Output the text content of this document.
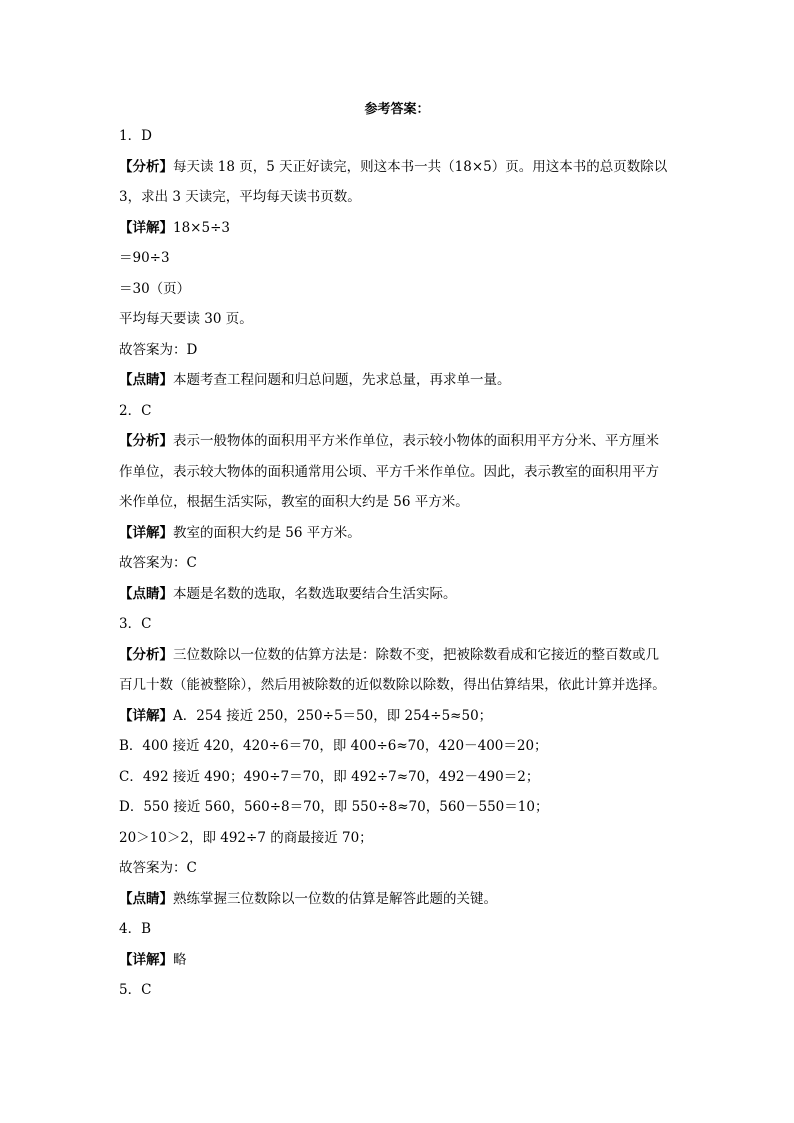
参考答案：
1．D
【分析】每天读 18 页，5 天正好读完，则这本书一共（18×5）页。用这本书的总页数除以
3，求出 3 天读完，平均每天读书页数。
【详解】18×5÷3
＝90÷3
＝30（页）
平均每天要读 30 页。
故答案为：D
【点睛】本题考查工程问题和归总问题，先求总量，再求单一量。
2．C
【分析】表示一般物体的面积用平方米作单位，表示较小物体的面积用平方分米、平方厘米
作单位，表示较大物体的面积通常用公顷、平方千米作单位。因此，表示教室的面积用平方
米作单位，根据生活实际，教室的面积大约是 56 平方米。
【详解】教室的面积大约是 56 平方米。
故答案为：C
【点睛】本题是名数的选取，名数选取要结合生活实际。
3．C
【分析】三位数除以一位数的估算方法是：除数不变，把被除数看成和它接近的整百数或几
百几十数（能被整除），然后用被除数的近似数除以除数，得出估算结果，依此计算并选择。
【详解】A．254 接近 250，250÷5＝50，即 254÷5≈50；
B．400 接近 420，420÷6＝70，即 400÷6≈70，420－400＝20；
C．492 接近 490；490÷7＝70，即 492÷7≈70，492－490＝2；
D．550 接近 560，560÷8＝70，即 550÷8≈70，560－550＝10；
20＞10＞2，即 492÷7 的商最接近 70；
故答案为：C
【点睛】熟练掌握三位数除以一位数的估算是解答此题的关键。
4．B
【详解】略
5．C
